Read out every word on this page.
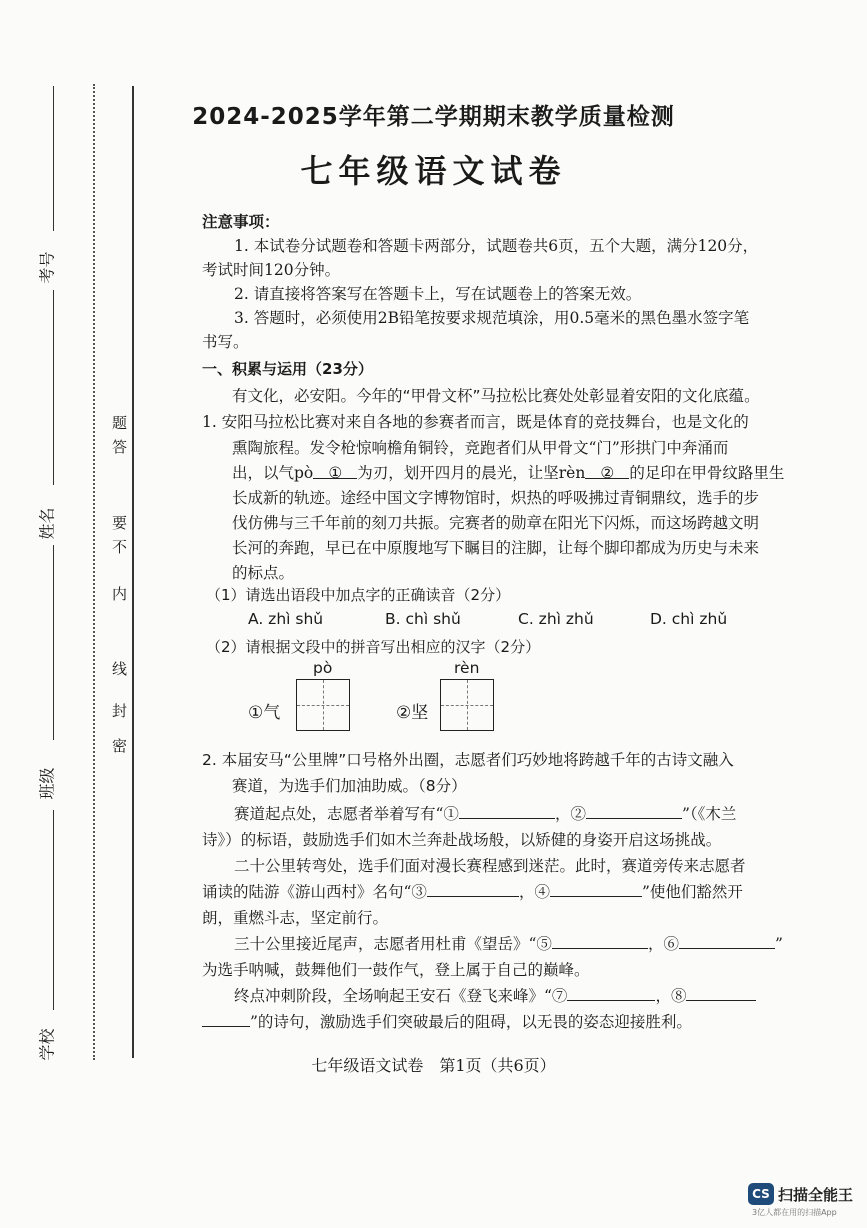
考号
姓名
班级
学校
题
答
要
不
内
线
封
密
2024-2025学年第二学期期末教学质量检测
七年级语文试卷
注意事项：
1. 本试卷分试题卷和答题卡两部分，试题卷共6页，五个大题，满分120分，
考试时间120分钟。
2. 请直接将答案写在答题卡上，写在试题卷上的答案无效。
3. 答题时，必须使用2B铅笔按要求规范填涂，用0.5毫米的黑色墨水签字笔
书写。
一、积累与运用（23分）
有文化，必安阳。今年的“甲骨文杯”马拉松比赛处处彰显着安阳的文化底蕴。
1. 安阳马拉松比赛对来自各地的参赛者而言，既是体育的竞技舞台，也是文化的
熏陶旅程。发令枪惊响檐角铜铃，竞跑者们从甲骨文“门”形拱门中奔涌而
出，以气pò ① 为刃，划开四月的晨光，让坚rèn ② 的足印在甲骨纹路里生
长成新的轨迹。途经中国文字博物馆时，炽热的呼吸拂过青铜鼎纹，选手的步
伐仿佛与三千年前的刻刀共振。完赛者的勋章在阳光下闪烁，而这场跨越文明
长河的奔跑，早已在中原腹地写下瞩目的注脚，让每个脚印都成为历史与未来
的标点。
（1）请选出语段中加点字的正确读音（2分）
A. zhì shǔ	B. chì shǔ	C. zhì zhǔ	D. chì zhǔ
（2）请根据文段中的拼音写出相应的汉字（2分）
pò
①气
rèn
②坚
2. 本届安马“公里牌”口号格外出圈，志愿者们巧妙地将跨越千年的古诗文融入
赛道，为选手们加油助威。（8分）
赛道起点处，志愿者举着写有“①	，②	”（《木兰
诗》）的标语，鼓励选手们如木兰奔赴战场般，以矫健的身姿开启这场挑战。
二十公里转弯处，选手们面对漫长赛程感到迷茫。此时，赛道旁传来志愿者
诵读的陆游《游山西村》名句“③	，④	”使他们豁然开
朗，重燃斗志，坚定前行。
三十公里接近尾声，志愿者用杜甫《望岳》“⑤	，⑥	”
为选手呐喊，鼓舞他们一鼓作气，登上属于自己的巅峰。
终点冲刺阶段，全场响起王安石《登飞来峰》“⑦	，⑧
”的诗句，激励选手们突破最后的阻碍，以无畏的姿态迎接胜利。
七年级语文试卷　第1页（共6页）
CS 扫描全能王
3亿人都在用的扫描App
